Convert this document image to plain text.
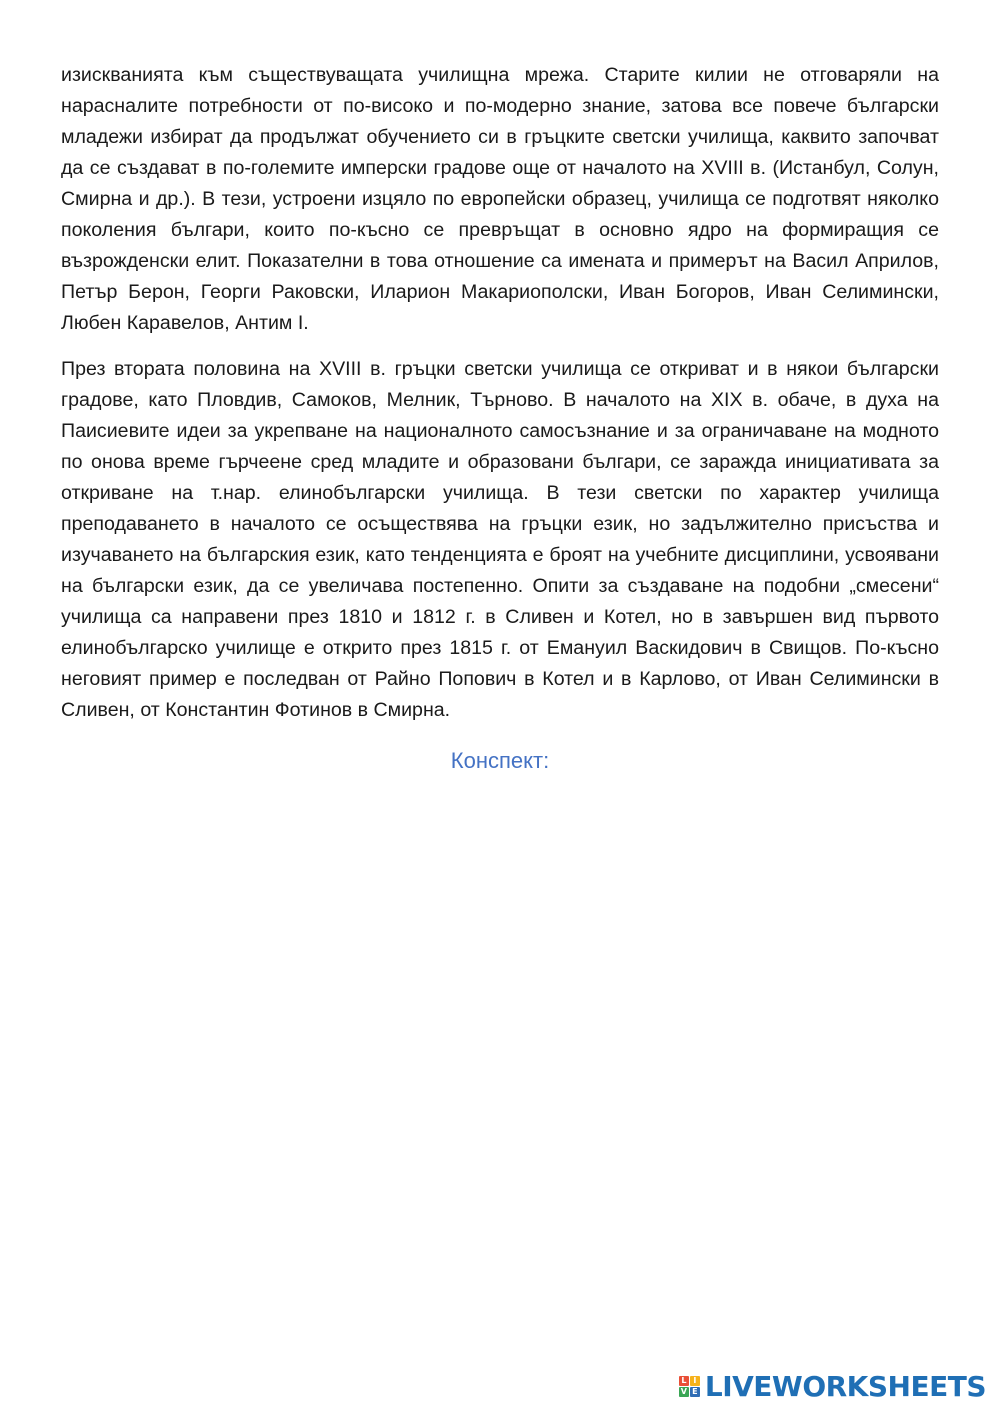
изискванията към съществуващата училищна мрежа. Старите килии не отговаряли на нарасналите потребности от по-високо и по-модерно знание, затова все повече български младежи избират да продължат обучението си в гръцките светски училища, каквито започват да се създават в по-големите имперски градове още от началото на XVIII в. (Истанбул, Солун, Смирна и др.). В тези, устроени изцяло по европейски образец, училища се подготвят няколко поколения българи, които по-късно се превръщат в основно ядро на формиращия се възрожденски елит. Показателни в това отношение са имената и примерът на Васил Априлов, Петър Берон, Георги Раковски, Иларион Макариополски, Иван Богоров, Иван Селимински, Любен Каравелов, Антим I.

През втората половина на XVIII в. гръцки светски училища се откриват и в някои български градове, като Пловдив, Самоков, Мелник, Търново. В началото на XIX в. обаче, в духа на Паисиевите идеи за укрепване на националното самосъзнание и за ограничаване на модното по онова време гърчеене сред младите и образовани българи, се заражда инициативата за откриване на т.нар. елинобългарски училища. В тези светски по характер училища преподаването в началото се осъществява на гръцки език, но задължително присъства и изучаването на българския език, като тенденцията е броят на учебните дисциплини, усвоявани на български език, да се увеличава постепенно. Опити за създаване на подобни „смесени“ училища са направени през 1810 и 1812 г. в Сливен и Котел, но в завършен вид първото елинобългарско училище е открито през 1815 г. от Емануил Васкидович в Свищов. По-късно неговият пример е последван от Райно Попович в Котел и в Карлово, от Иван Селимински в Сливен, от Константин Фотинов в Смирна.

Конспект:
L I
V E LIVEWORKSHEETS
